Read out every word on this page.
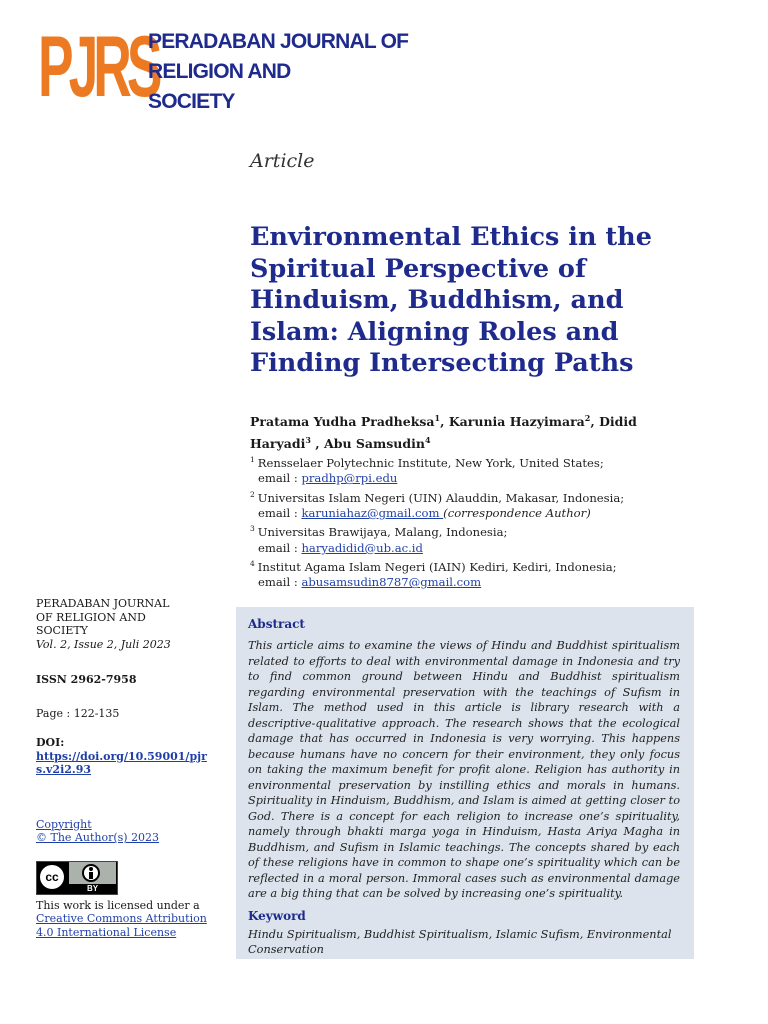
PJRS
PERADABAN JOURNAL OF
RELIGION AND
SOCIETY
Article
Environmental Ethics in the Spiritual Perspective of Hinduism, Buddhism, and Islam: Aligning Roles and Finding Intersecting Paths
Pratama Yudha Pradheksa$^1$, Karunia Hazyimara$^2$, Didid Haryadi$^3$ , Abu Samsudin$^4$
$^1$ Rensselaer Polytechnic Institute, New York, United States;
email : pradhp@rpi.edu
$^2$ Universitas Islam Negeri (UIN) Alauddin, Makasar, Indonesia;
email : karuniahaz@gmail.com (correspondence Author)
$^3$ Universitas Brawijaya, Malang, Indonesia;
email : haryadidid@ub.ac.id
$^4$ Institut Agama Islam Negeri (IAIN) Kediri, Kediri, Indonesia;
email : abusamsudin8787@gmail.com
PERADABAN JOURNAL
OF RELIGION AND
SOCIETY
Vol. 2, Issue 2, Juli 2023
ISSN 2962-7958
Page : 122-135
DOI:
https://doi.org/10.59001/pjrs.v2i2.93
Copyright
© The Author(s) 2023
cc
BY
This work is licensed under a Creative Commons Attribution 4.0 International License
Abstract

This article aims to examine the views of Hindu and Buddhist spiritualism related to efforts to deal with environmental damage in Indonesia and try to find common ground between Hindu and Buddhist spiritualism regarding environmental preservation with the teachings of Sufism in Islam. The method used in this article is library research with a descriptive-qualitative approach. The research shows that the ecological damage that has occurred in Indonesia is very worrying. This happens because humans have no concern for their environment, they only focus on taking the maximum benefit for profit alone. Religion has authority in environmental preservation by instilling ethics and morals in humans. Spirituality in Hinduism, Buddhism, and Islam is aimed at getting closer to God. There is a concept for each religion to increase one’s spirituality, namely through bhakti marga yoga in Hinduism, Hasta Ariya Magha in Buddhism, and Sufism in Islamic teachings. The concepts shared by each of these religions have in common to shape one’s spirituality which can be reflected in a moral person. Immoral cases such as environmental damage are a big thing that can be solved by increasing one’s spirituality.

Keyword

Hindu Spiritualism, Buddhist Spiritualism, Islamic Sufism, Environmental Conservation
